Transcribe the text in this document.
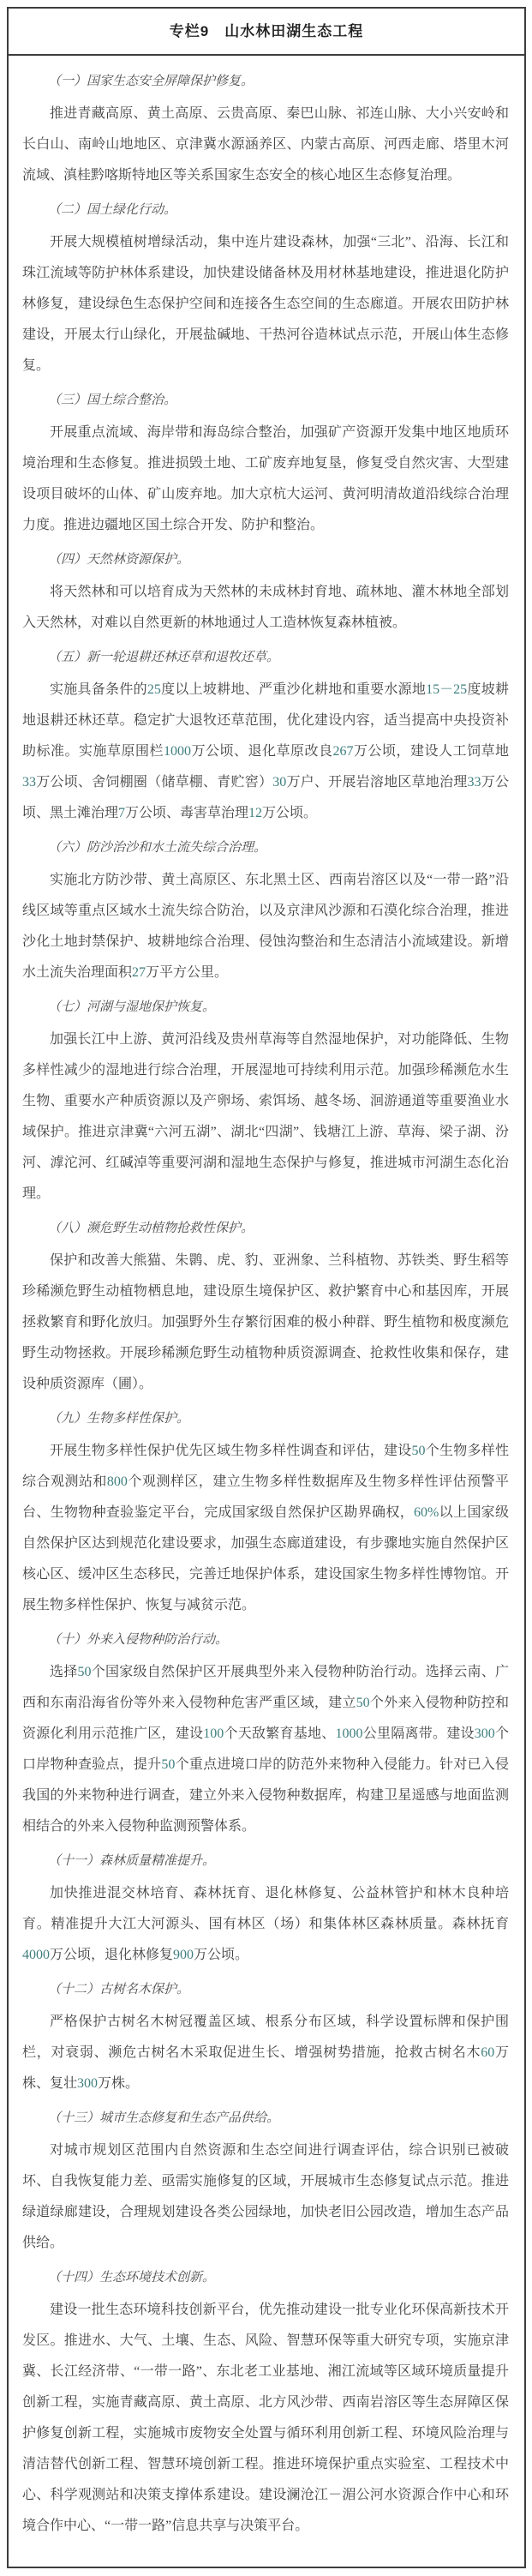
专栏9　山水林田湖生态工程
（一）国家生态安全屏障保护修复。
推进青藏高原、黄土高原、云贵高原、秦巴山脉、祁连山脉、大小兴安岭和长白山、南岭山地地区、京津冀水源涵养区、内蒙古高原、河西走廊、塔里木河流域、滇桂黔喀斯特地区等关系国家生态安全的核心地区生态修复治理。
（二）国土绿化行动。
开展大规模植树增绿活动，集中连片建设森林，加强“三北”、沿海、长江和珠江流域等防护林体系建设，加快建设储备林及用材林基地建设，推进退化防护林修复，建设绿色生态保护空间和连接各生态空间的生态廊道。开展农田防护林建设，开展太行山绿化，开展盐碱地、干热河谷造林试点示范，开展山体生态修复。
（三）国土综合整治。
开展重点流域、海岸带和海岛综合整治，加强矿产资源开发集中地区地质环境治理和生态修复。推进损毁土地、工矿废弃地复垦，修复受自然灾害、大型建设项目破坏的山体、矿山废弃地。加大京杭大运河、黄河明清故道沿线综合治理力度。推进边疆地区国土综合开发、防护和整治。
（四）天然林资源保护。
将天然林和可以培育成为天然林的未成林封育地、疏林地、灌木林地全部划入天然林，对难以自然更新的林地通过人工造林恢复森林植被。
（五）新一轮退耕还林还草和退牧还草。
实施具备条件的25度以上坡耕地、严重沙化耕地和重要水源地15－25度坡耕地退耕还林还草。稳定扩大退牧还草范围，优化建设内容，适当提高中央投资补助标准。实施草原围栏1000万公顷、退化草原改良267万公顷，建设人工饲草地33万公顷、舍饲棚圈（储草棚、青贮窖）30万户、开展岩溶地区草地治理33万公顷、黑土滩治理7万公顷、毒害草治理12万公顷。
（六）防沙治沙和水土流失综合治理。
实施北方防沙带、黄土高原区、东北黑土区、西南岩溶区以及“一带一路”沿线区域等重点区域水土流失综合防治，以及京津风沙源和石漠化综合治理，推进沙化土地封禁保护、坡耕地综合治理、侵蚀沟整治和生态清洁小流域建设。新增水土流失治理面积27万平方公里。
（七）河湖与湿地保护恢复。
加强长江中上游、黄河沿线及贵州草海等自然湿地保护，对功能降低、生物多样性减少的湿地进行综合治理，开展湿地可持续利用示范。加强珍稀濒危水生生物、重要水产种质资源以及产卵场、索饵场、越冬场、洄游通道等重要渔业水域保护。推进京津冀“六河五湖”、湖北“四湖”、钱塘江上游、草海、梁子湖、汾河、滹沱河、红碱淖等重要河湖和湿地生态保护与修复，推进城市河湖生态化治理。
（八）濒危野生动植物抢救性保护。
保护和改善大熊猫、朱鹮、虎、豹、亚洲象、兰科植物、苏铁类、野生稻等珍稀濒危野生动植物栖息地，建设原生境保护区、救护繁育中心和基因库，开展拯救繁育和野化放归。加强野外生存繁衍困难的极小种群、野生植物和极度濒危野生动物拯救。开展珍稀濒危野生动植物种质资源调查、抢救性收集和保存，建设种质资源库（圃）。
（九）生物多样性保护。
开展生物多样性保护优先区域生物多样性调查和评估，建设50个生物多样性综合观测站和800个观测样区，建立生物多样性数据库及生物多样性评估预警平台、生物物种查验鉴定平台，完成国家级自然保护区勘界确权，60%以上国家级自然保护区达到规范化建设要求，加强生态廊道建设，有步骤地实施自然保护区核心区、缓冲区生态移民，完善迁地保护体系，建设国家生物多样性博物馆。开展生物多样性保护、恢复与减贫示范。
（十）外来入侵物种防治行动。
选择50个国家级自然保护区开展典型外来入侵物种防治行动。选择云南、广西和东南沿海省份等外来入侵物种危害严重区域，建立50个外来入侵物种防控和资源化利用示范推广区，建设100个天敌繁育基地、1000公里隔离带。建设300个口岸物种查验点，提升50个重点进境口岸的防范外来物种入侵能力。针对已入侵我国的外来物种进行调查，建立外来入侵物种数据库，构建卫星遥感与地面监测相结合的外来入侵物种监测预警体系。
（十一）森林质量精准提升。
加快推进混交林培育、森林抚育、退化林修复、公益林管护和林木良种培育。精准提升大江大河源头、国有林区（场）和集体林区森林质量。森林抚育4000万公顷，退化林修复900万公顷。
（十二）古树名木保护。
严格保护古树名木树冠覆盖区域、根系分布区域，科学设置标牌和保护围栏，对衰弱、濒危古树名木采取促进生长、增强树势措施，抢救古树名木60万株、复壮300万株。
（十三）城市生态修复和生态产品供给。
对城市规划区范围内自然资源和生态空间进行调查评估，综合识别已被破坏、自我恢复能力差、亟需实施修复的区域，开展城市生态修复试点示范。推进绿道绿廊建设，合理规划建设各类公园绿地，加快老旧公园改造，增加生态产品供给。
（十四）生态环境技术创新。
建设一批生态环境科技创新平台，优先推动建设一批专业化环保高新技术开发区。推进水、大气、土壤、生态、风险、智慧环保等重大研究专项，实施京津冀、长江经济带、“一带一路”、东北老工业基地、湘江流域等区域环境质量提升创新工程，实施青藏高原、黄土高原、北方风沙带、西南岩溶区等生态屏障区保护修复创新工程，实施城市废物安全处置与循环利用创新工程、环境风险治理与清洁替代创新工程、智慧环境创新工程。推进环境保护重点实验室、工程技术中心、科学观测站和决策支撑体系建设。建设澜沧江－湄公河水资源合作中心和环境合作中心、“一带一路”信息共享与决策平台。
